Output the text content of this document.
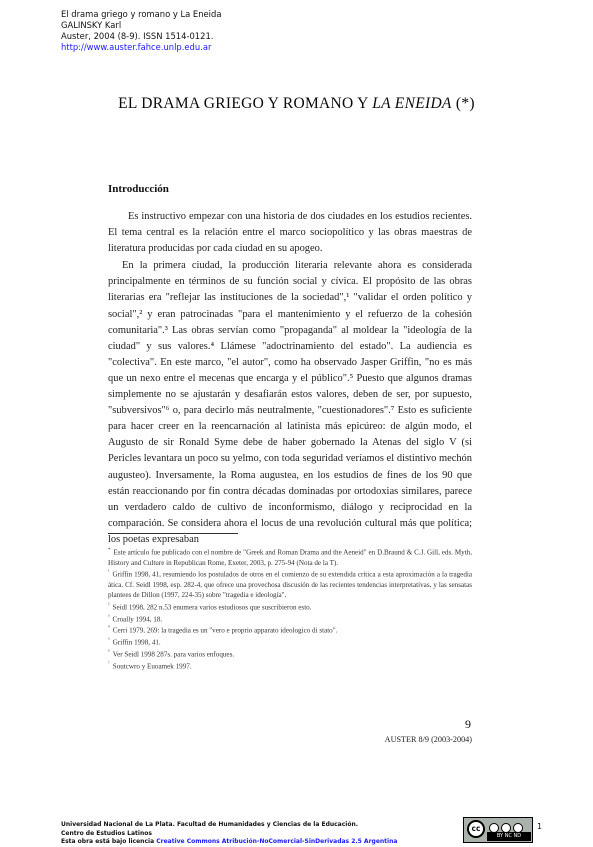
El drama griego y romano y La Eneida
GALINSKY Karl
Auster, 2004 (8-9). ISSN 1514-0121.
http://www.auster.fahce.unlp.edu.ar
EL DRAMA GRIEGO Y ROMANO Y LA ENEIDA (*)
Introducción

Es instructivo empezar con una historia de dos ciudades en los estudios recientes. El tema central es la relación entre el marco sociopolítico y las obras maestras de literatura producidas por cada ciudad en su apogeo.

En la primera ciudad, la producción literaria relevante ahora es considerada principalmente en términos de su función social y cívica. El propósito de las obras literarias era "reflejar las instituciones de la sociedad",¹ "validar el orden político y social",² y eran patrocinadas "para el mantenimiento y el refuerzo de la cohesión comunitaria".³ Las obras servían como "propaganda" al moldear la "ideología de la ciudad" y sus valores.⁴ Llámese "adoctrinamiento del estado". La audiencia es "colectiva". En este marco, "el autor", como ha observado Jasper Griffin, "no es más que un nexo entre el mecenas que encarga y el público".⁵ Puesto que algunos dramas simplemente no se ajustarán y desafiarán estos valores, deben de ser, por supuesto, "subversivos"⁶ o, para decirlo más neutralmente, "cuestionadores".⁷ Esto es suficiente para hacer creer en la reencarnación al latinista más epicúreo: de algún modo, el Augusto de sir Ronald Syme debe de haber gobernado la Atenas del siglo V (si Pericles levantara un poco su yelmo, con toda seguridad veríamos el distintivo mechón augusteo). Inversamente, la Roma augustea, en los estudios de fines de los 90 que están reaccionando por fin contra décadas dominadas por ortodoxias similares, parece un verdadero caldo de cultivo de inconformismo, diálogo y reciprocidad en la comparación. Se considera ahora el locus de una revolución cultural más que política; los poetas expresaban

* Este artículo fue publicado con el nombre de "Greek and Roman Drama and the Aeneid" en D.Braund & C.J. Gill, eds. Myth, History and Culture in Republican Rome, Exeter, 2003, p. 275-94 (Nota de la T).
$^{^1}$ Griffin 1998, 41, resumiendo los postulados de otros en el comienzo de su extendida crítica a esta aproximación a la tragedia ática. Cf. Seidl 1998, esp. 282-4, que ofrece una provechosa discusión de las recientes tendencias interpretativas, y las sensatas plantees de Dillon (1997, 224-35) sobre "tragedia e ideología".
$^{^2}$ Seidl 1998, 282 n.53 enumera varios estudiosos que suscribieron esto.
$^{^3}$ Croally 1994, 18.
$^{^4}$ Cerri 1979, 269: la tragedia es un "vero e proprio apparato ideologico di stato".
$^{^5}$ Griffin 1998, 41.
$^{^6}$ Ver Seidl 1998 287s. para varios enfoques.
$^{^7}$ Soutcwro y Euoamek 1997.
9
AUSTER 8/9 (2003-2004)
Universidad Nacional de La Plata. Facultad de Humanidades y Ciencias de la Educación.
Centro de Estudios Latinos
Esta obra está bajo licencia Creative Commons Atribución-NoComercial-SinDerivadas 2.5 Argentina
cc
BY NC ND
1
